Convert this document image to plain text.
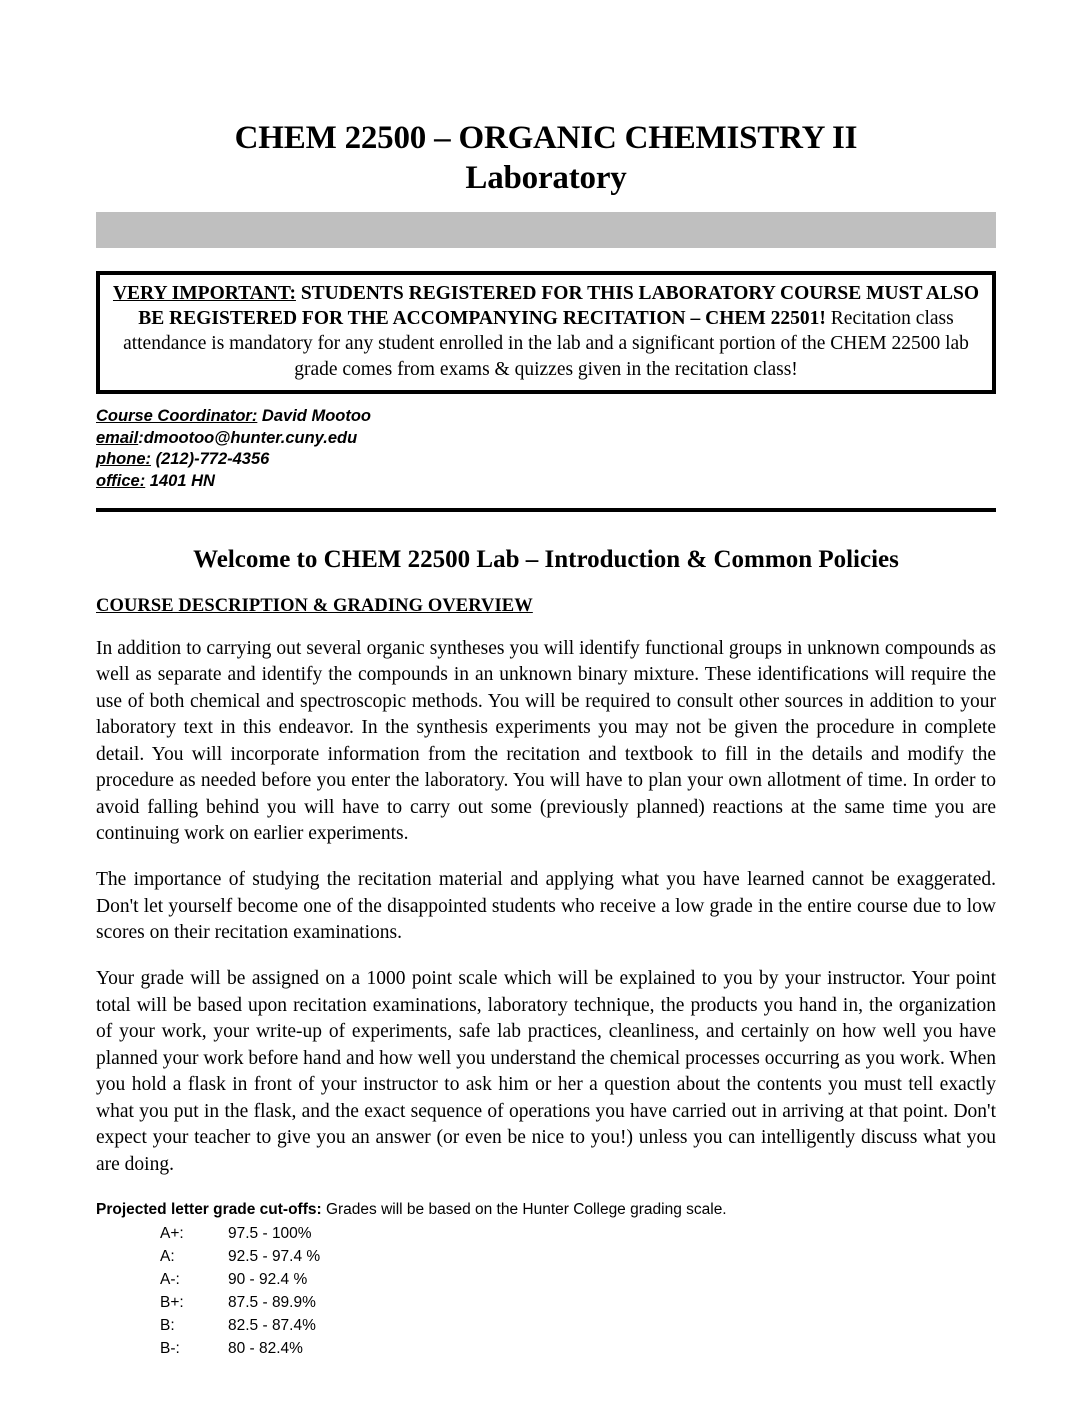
CHEM 22500 – ORGANIC CHEMISTRY II
Laboratory

VERY IMPORTANT: STUDENTS REGISTERED FOR THIS LABORATORY COURSE MUST ALSO BE REGISTERED FOR THE ACCOMPANYING RECITATION – CHEM 22501! Recitation class attendance is mandatory for any student enrolled in the lab and a significant portion of the CHEM 22500 lab grade comes from exams & quizzes given in the recitation class!

Course Coordinator: David Mootoo
email:dmootoo@hunter.cuny.edu
phone: (212)-772-4356
office: 1401 HN
Welcome to CHEM 22500 Lab – Introduction & Common Policies
COURSE DESCRIPTION & GRADING OVERVIEW

In addition to carrying out several organic syntheses you will identify functional groups in unknown compounds as well as separate and identify the compounds in an unknown binary mixture. These identifications will require the use of both chemical and spectroscopic methods. You will be required to consult other sources in addition to your laboratory text in this endeavor. In the synthesis experiments you may not be given the procedure in complete detail. You will incorporate information from the recitation and textbook to fill in the details and modify the procedure as needed before you enter the laboratory. You will have to plan your own allotment of time. In order to avoid falling behind you will have to carry out some (previously planned) reactions at the same time you are continuing work on earlier experiments.

The importance of studying the recitation material and applying what you have learned cannot be exaggerated. Don't let yourself become one of the disappointed students who receive a low grade in the entire course due to low scores on their recitation examinations.

Your grade will be assigned on a 1000 point scale which will be explained to you by your instructor. Your point total will be based upon recitation examinations, laboratory technique, the products you hand in, the organization of your work, your write-up of experiments, safe lab practices, cleanliness, and certainly on how well you have planned your work before hand and how well you understand the chemical processes occurring as you work. When you hold a flask in front of your instructor to ask him or her a question about the contents you must tell exactly what you put in the flask, and the exact sequence of operations you have carried out in arriving at that point. Don't expect your teacher to give you an answer (or even be nice to you!) unless you can intelligently discuss what you are doing.

Projected letter grade cut-offs: Grades will be based on the Hunter College grading scale.
A+:	97.5 - 100%
A:	92.5 - 97.4 %
A-:	90 - 92.4 %
B+:	87.5 - 89.9%
B:	82.5 - 87.4%
B-:	80 - 82.4%
